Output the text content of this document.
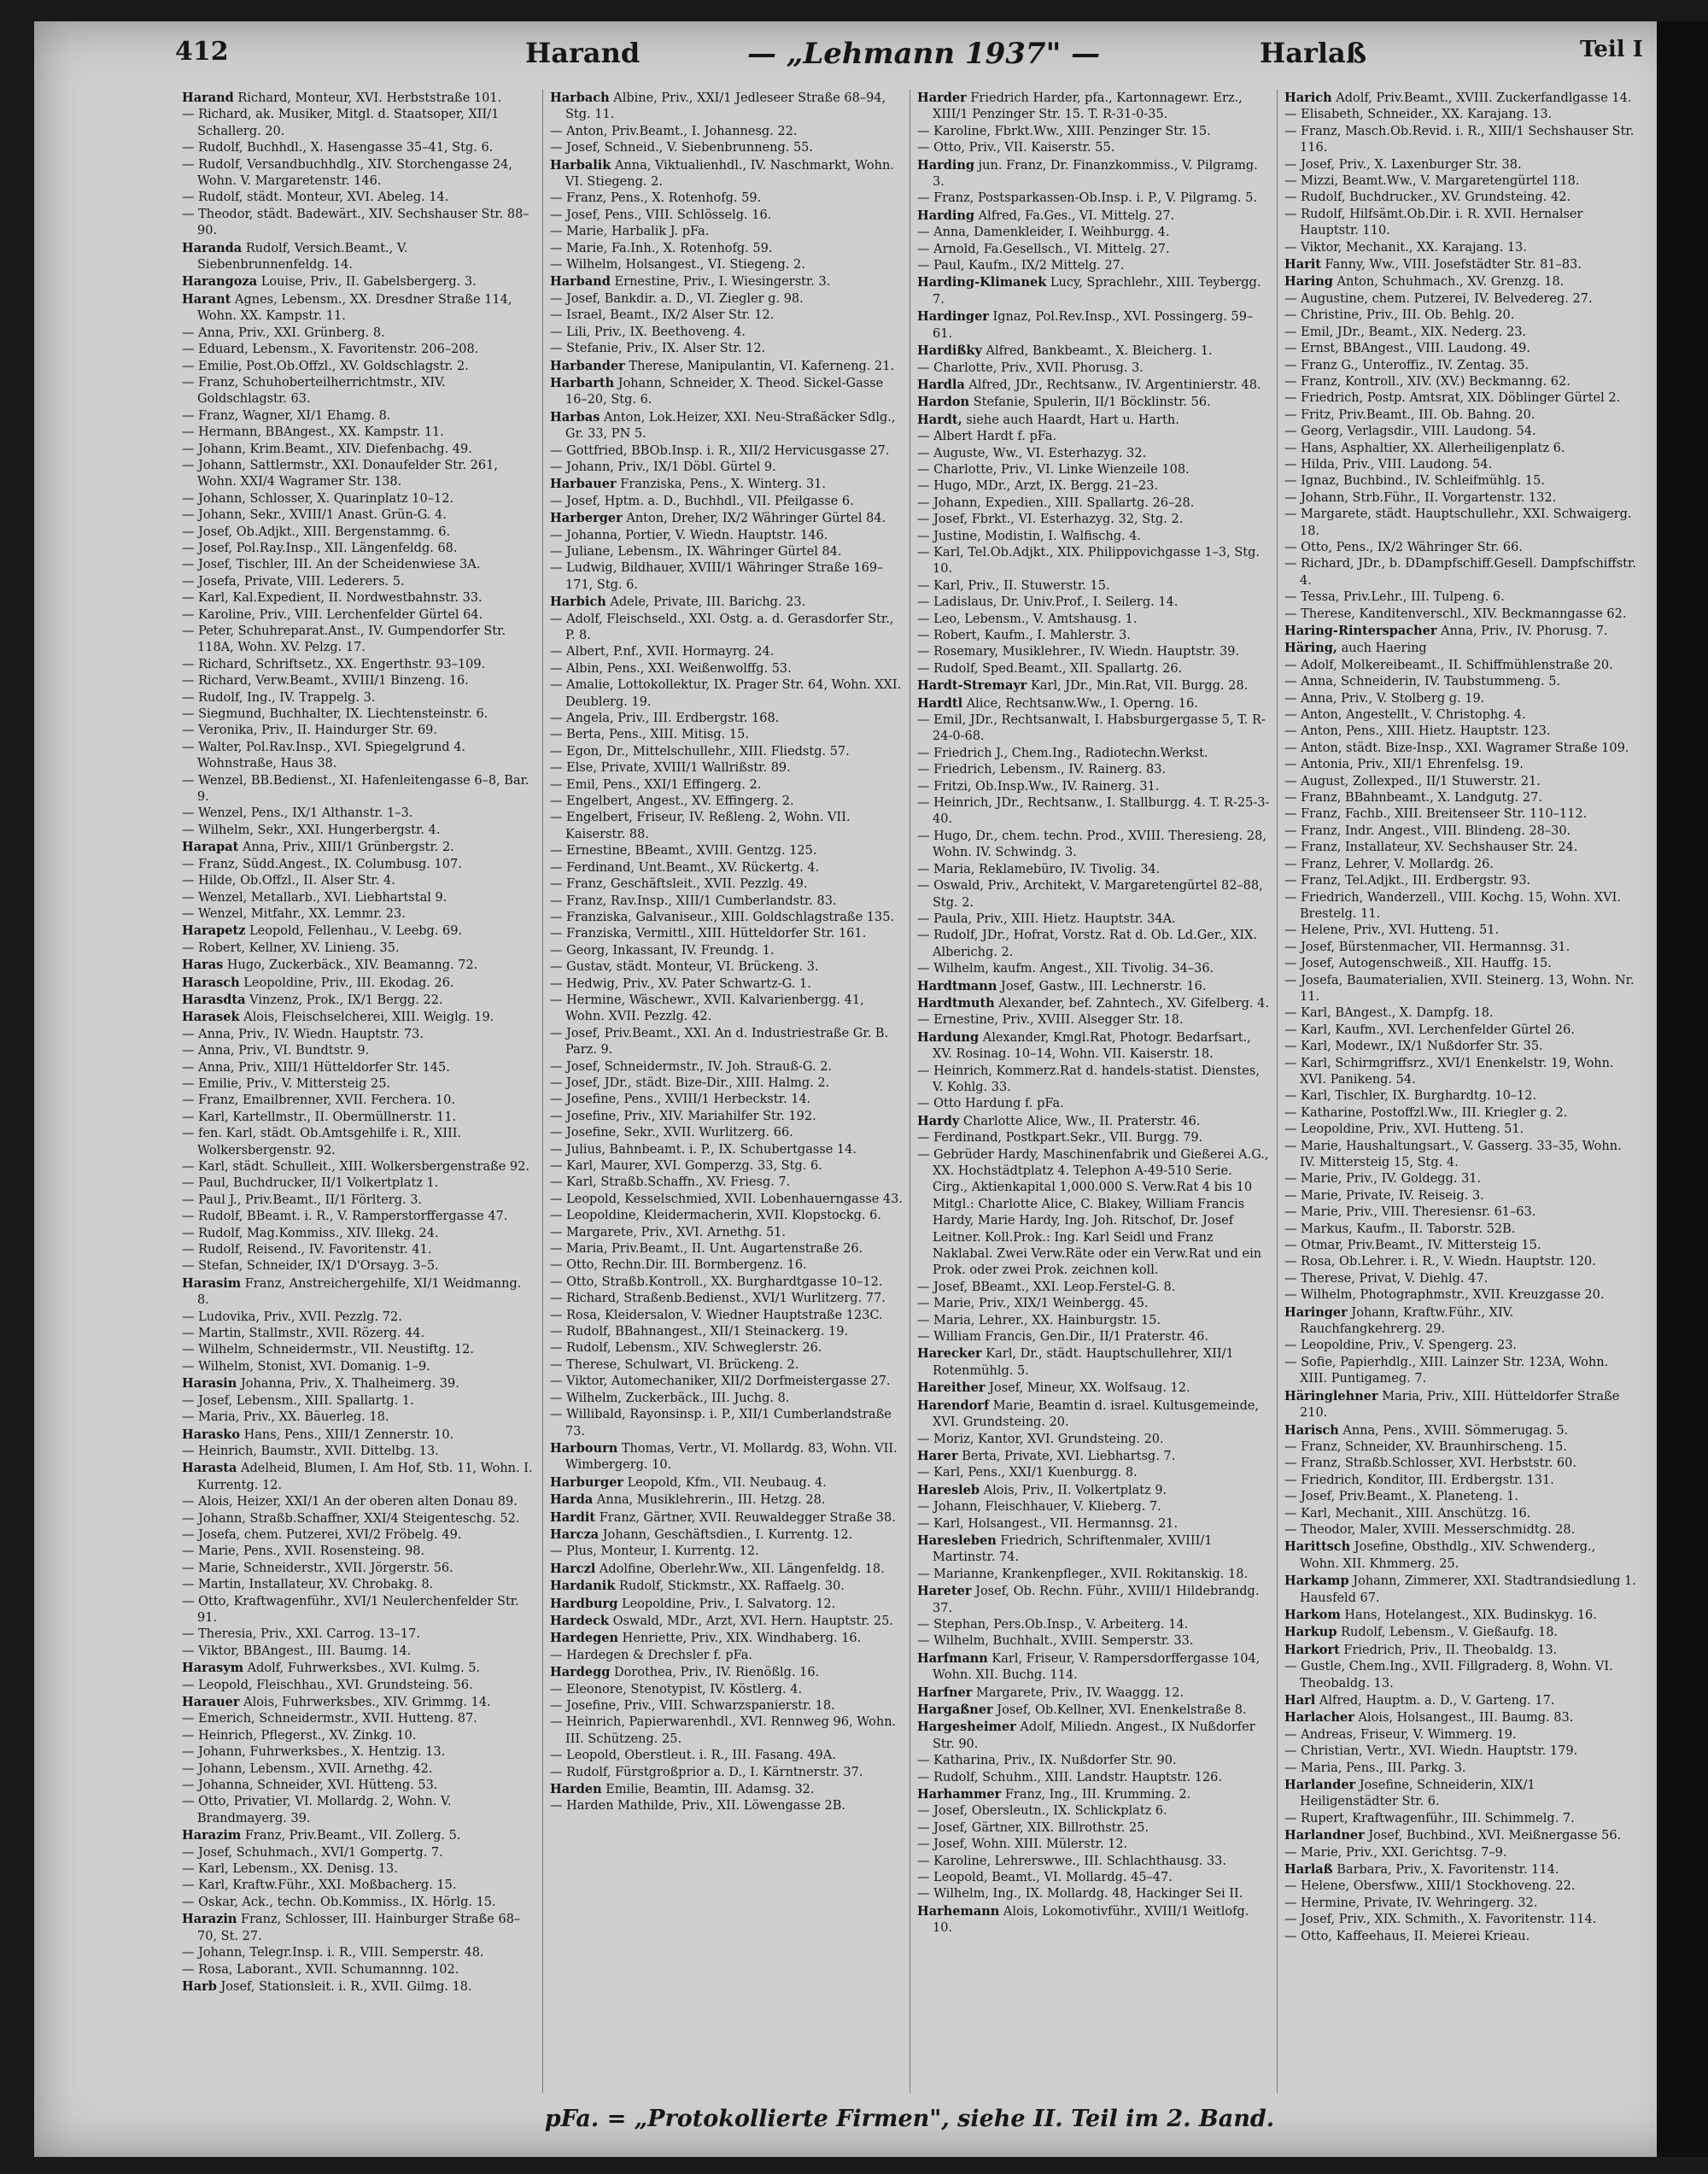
412	Harand	— „Lehmann 1937" —	Harlaß	Teil I

Harand Richard, Monteur, XVI. Herbststraße 101.

— Richard, ak. Musiker, Mitgl. d. Staatsoper, XII/1 Schallerg. 20.

— Rudolf, Buchhdl., X. Hasengasse 35–41, Stg. 6.

— Rudolf, Versandbuchhdlg., XIV. Storchengasse 24, Wohn. V. Margaretenstr. 146.

— Rudolf, städt. Monteur, XVI. Abeleg. 14.

— Theodor, städt. Badewärt., XIV. Sechshauser Str. 88–90.

Haranda Rudolf, Versich.Beamt., V. Siebenbrunnenfeldg. 14.

Harangoza Louise, Priv., II. Gabelsbergerg. 3.

Harant Agnes, Lebensm., XX. Dresdner Straße 114, Wohn. XX. Kampstr. 11.

— Anna, Priv., XXI. Grünberg. 8.

— Eduard, Lebensm., X. Favoritenstr. 206–208.

— Emilie, Post.Ob.Offzl., XV. Goldschlagstr. 2.

— Franz, Schuhoberteilherrichtmstr., XIV. Goldschlagstr. 63.

— Franz, Wagner, XI/1 Ehamg. 8.

— Hermann, BBAngest., XX. Kampstr. 11.

— Johann, Krim.Beamt., XIV. Diefenbachg. 49.

— Johann, Sattlermstr., XXI. Donaufelder Str. 261, Wohn. XXI/4 Wagramer Str. 138.

— Johann, Schlosser, X. Quarinplatz 10–12.

— Johann, Sekr., XVIII/1 Anast. Grün-G. 4.

— Josef, Ob.Adjkt., XIII. Bergenstammg. 6.

— Josef, Pol.Ray.Insp., XII. Längenfeldg. 68.

— Josef, Tischler, III. An der Scheidenwiese 3A.

— Josefa, Private, VIII. Lederers. 5.

— Karl, Kal.Expedient, II. Nordwestbahnstr. 33.

— Karoline, Priv., VIII. Lerchenfelder Gürtel 64.

— Peter, Schuhreparat.Anst., IV. Gumpendorfer Str. 118A, Wohn. XV. Pelzg. 17.

— Richard, Schriftsetz., XX. Engerthstr. 93–109.

— Richard, Verw.Beamt., XVIII/1 Binzeng. 16.

— Rudolf, Ing., IV. Trappelg. 3.

— Siegmund, Buchhalter, IX. Liechtensteinstr. 6.

— Veronika, Priv., II. Haindurger Str. 69.

— Walter, Pol.Rav.Insp., XVI. Spiegelgrund 4. Wohnstraße, Haus 38.

— Wenzel, BB.Bedienst., XI. Hafenleitengasse 6–8, Bar. 9.

— Wenzel, Pens., IX/1 Althanstr. 1–3.

— Wilhelm, Sekr., XXI. Hungerbergstr. 4.

Harapat Anna, Priv., XIII/1 Grünbergstr. 2.

— Franz, Südd.Angest., IX. Columbusg. 107.

— Hilde, Ob.Offzl., II. Alser Str. 4.

— Wenzel, Metallarb., XVI. Liebhartstal 9.

— Wenzel, Mitfahr., XX. Lemmr. 23.

Harapetz Leopold, Fellenhau., V. Leebg. 69.

— Robert, Kellner, XV. Linieng. 35.

Haras Hugo, Zuckerbäck., XIV. Beamanng. 72.

Harasch Leopoldine, Priv., III. Ekodag. 26.

Harasdta Vinzenz, Prok., IX/1 Bergg. 22.

Harasek Alois, Fleischselcherei, XIII. Weiglg. 19.

— Anna, Priv., IV. Wiedn. Hauptstr. 73.

— Anna, Priv., VI. Bundtstr. 9.

— Anna, Priv., XIII/1 Hütteldorfer Str. 145.

— Emilie, Priv., V. Mittersteig 25.

— Franz, Emailbrenner, XVII. Ferchera. 10.

— Karl, Kartellmstr., II. Obermüllnerstr. 11.

— fen. Karl, städt. Ob.Amtsgehilfe i. R., XIII. Wolkersbergenstr. 92.

— Karl, städt. Schulleit., XIII. Wolkersbergenstraße 92.

— Paul, Buchdrucker, II/1 Volkertplatz 1.

— Paul J., Priv.Beamt., II/1 Förlterg. 3.

— Rudolf, BBeamt. i. R., V. Ramperstorffergasse 47.

— Rudolf, Mag.Kommiss., XIV. Illekg. 24.

— Rudolf, Reisend., IV. Favoritenstr. 41.

— Stefan, Schneider, IX/1 D'Orsayg. 3–5.

Harasim Franz, Anstreichergehilfe, XI/1 Weidmanng. 8.

— Ludovika, Priv., XVII. Pezzlg. 72.

— Martin, Stallmstr., XVII. Rözerg. 44.

— Wilhelm, Schneidermstr., VII. Neustiftg. 12.

— Wilhelm, Stonist, XVI. Domanig. 1–9.

Harasin Johanna, Priv., X. Thalheimerg. 39.

— Josef, Lebensm., XIII. Spallartg. 1.

— Maria, Priv., XX. Bäuerleg. 18.

Harasko Hans, Pens., XIII/1 Zennerstr. 10.

— Heinrich, Baumstr., XVII. Dittelbg. 13.

Harasta Adelheid, Blumen, I. Am Hof, Stb. 11, Wohn. I. Kurrentg. 12.

— Alois, Heizer, XXI/1 An der oberen alten Donau 89.

— Johann, Straßb.Schaffner, XXI/4 Steigenteschg. 52.

— Josefa, chem. Putzerei, XVI/2 Fröbelg. 49.

— Marie, Pens., XVII. Rosensteing. 98.

— Marie, Schneiderstr., XVII. Jörgerstr. 56.

— Martin, Installateur, XV. Chrobakg. 8.

— Otto, Kraftwagenführ., XVI/1 Neulerchenfelder Str. 91.

— Theresia, Priv., XXI. Carrog. 13–17.

— Viktor, BBAngest., III. Baumg. 14.

Harasym Adolf, Fuhrwerksbes., XVI. Kulmg. 5.

— Leopold, Fleischhau., XVI. Grundsteing. 56.

Harauer Alois, Fuhrwerksbes., XIV. Grimmg. 14.

— Emerich, Schneidermstr., XVII. Hutteng. 87.

— Heinrich, Pflegerst., XV. Zinkg. 10.

— Johann, Fuhrwerksbes., X. Hentzig. 13.

— Johann, Lebensm., XVII. Arnethg. 42.

— Johanna, Schneider, XVI. Hütteng. 53.

— Otto, Privatier, VI. Mollardg. 2, Wohn. V. Brandmayerg. 39.

Harazim Franz, Priv.Beamt., VII. Zollerg. 5.

— Josef, Schuhmach., XVI/1 Gompertg. 7.

— Karl, Lebensm., XX. Denisg. 13.

— Karl, Kraftw.Führ., XXI. Moßbacherg. 15.

— Oskar, Ack., techn. Ob.Kommiss., IX. Hörlg. 15.

Harazin Franz, Schlosser, III. Hainburger Straße 68–70, St. 27.

— Johann, Telegr.Insp. i. R., VIII. Semperstr. 48.

— Rosa, Laborant., XVII. Schumannng. 102.

Harb Josef, Stationsleit. i. R., XVII. Gilmg. 18.

Harbach Albine, Priv., XXI/1 Jedleseer Straße 68–94, Stg. 11.

— Anton, Priv.Beamt., I. Johannesg. 22.

— Josef, Schneid., V. Siebenbrunneng. 55.

Harbalik Anna, Viktualienhdl., IV. Naschmarkt, Wohn. VI. Stiegeng. 2.

— Franz, Pens., X. Rotenhofg. 59.

— Josef, Pens., VIII. Schlösselg. 16.

— Marie, Harbalik J. pFa.

— Marie, Fa.Inh., X. Rotenhofg. 59.

— Wilhelm, Holsangest., VI. Stiegeng. 2.

Harband Ernestine, Priv., I. Wiesingerstr. 3.

— Josef, Bankdir. a. D., VI. Ziegler g. 98.

— Israel, Beamt., IX/2 Alser Str. 12.

— Lili, Priv., IX. Beethoveng. 4.

— Stefanie, Priv., IX. Alser Str. 12.

Harbander Therese, Manipulantin, VI. Kaferneng. 21.

Harbarth Johann, Schneider, X. Theod. Sickel-Gasse 16–20, Stg. 6.

Harbas Anton, Lok.Heizer, XXI. Neu-Straßäcker Sdlg., Gr. 33, PN 5.

— Gottfried, BBOb.Insp. i. R., XII/2 Hervicusgasse 27.

— Johann, Priv., IX/1 Döbl. Gürtel 9.

Harbauer Franziska, Pens., X. Winterg. 31.

— Josef, Hptm. a. D., Buchhdl., VII. Pfeilgasse 6.

Harberger Anton, Dreher, IX/2 Währinger Gürtel 84.

— Johanna, Portier, V. Wiedn. Hauptstr. 146.

— Juliane, Lebensm., IX. Währinger Gürtel 84.

— Ludwig, Bildhauer, XVIII/1 Währinger Straße 169–171, Stg. 6.

Harbich Adele, Private, III. Barichg. 23.

— Adolf, Fleischseld., XXI. Ostg. a. d. Gerasdorfer Str., P. 8.

— Albert, P.nf., XVII. Hormayrg. 24.

— Albin, Pens., XXI. Weißenwolffg. 53.

— Amalie, Lottokollektur, IX. Prager Str. 64, Wohn. XXI. Deublerg. 19.

— Angela, Priv., III. Erdbergstr. 168.

— Berta, Pens., XIII. Mitisg. 15.

— Egon, Dr., Mittelschullehr., XIII. Fliedstg. 57.

— Else, Private, XVIII/1 Wallrißstr. 89.

— Emil, Pens., XXI/1 Effingerg. 2.

— Engelbert, Angest., XV. Effingerg. 2.

— Engelbert, Friseur, IV. Reßleng. 2, Wohn. VII. Kaiserstr. 88.

— Ernestine, BBeamt., XVIII. Gentzg. 125.

— Ferdinand, Unt.Beamt., XV. Rückertg. 4.

— Franz, Geschäftsleit., XVII. Pezzlg. 49.

— Franz, Rav.Insp., XIII/1 Cumberlandstr. 83.

— Franziska, Galvaniseur., XIII. Goldschlagstraße 135.

— Franziska, Vermittl., XIII. Hütteldorfer Str. 161.

— Georg, Inkassant, IV. Freundg. 1.

— Gustav, städt. Monteur, VI. Brückeng. 3.

— Hedwig, Priv., XV. Pater Schwartz-G. 1.

— Hermine, Wäschewr., XVII. Kalvarienbergg. 41, Wohn. XVII. Pezzlg. 42.

— Josef, Priv.Beamt., XXI. An d. Industriestraße Gr. B. Parz. 9.

— Josef, Schneidermstr., IV. Joh. Strauß-G. 2.

— Josef, JDr., städt. Bize-Dir., XIII. Halmg. 2.

— Josefine, Pens., XVIII/1 Herbeckstr. 14.

— Josefine, Priv., XIV. Mariahilfer Str. 192.

— Josefine, Sekr., XVII. Wurlitzerg. 66.

— Julius, Bahnbeamt. i. P., IX. Schubertgasse 14.

— Karl, Maurer, XVI. Gomperzg. 33, Stg. 6.

— Karl, Straßb.Schaffn., XV. Friesg. 7.

— Leopold, Kesselschmied, XVII. Lobenhauerngasse 43.

— Leopoldine, Kleidermacherin, XVII. Klopstockg. 6.

— Margarete, Priv., XVI. Arnethg. 51.

— Maria, Priv.Beamt., II. Unt. Augartenstraße 26.

— Otto, Rechn.Dir. III. Bormbergenz. 16.

— Otto, Straßb.Kontroll., XX. Burghardtgasse 10–12.

— Richard, Straßenb.Bedienst., XVI/1 Wurlitzerg. 77.

— Rosa, Kleidersalon, V. Wiedner Hauptstraße 123C.

— Rudolf, BBahnangest., XII/1 Steinackerg. 19.

— Rudolf, Lebensm., XIV. Schweglerstr. 26.

— Therese, Schulwart, VI. Brückeng. 2.

— Viktor, Automechaniker, XII/2 Dorfmeistergasse 27.

— Wilhelm, Zuckerbäck., III. Juchg. 8.

— Willibald, Rayonsinsp. i. P., XII/1 Cumberlandstraße 73.

Harbourn Thomas, Vertr., VI. Mollardg. 83, Wohn. VII. Wimbergerg. 10.

Harburger Leopold, Kfm., VII. Neubaug. 4.

Harda Anna, Musiklehrerin., III. Hetzg. 28.

Hardit Franz, Gärtner, XVII. Reuwaldegger Straße 38.

Harcza Johann, Geschäftsdien., I. Kurrentg. 12.

— Plus, Monteur, I. Kurrentg. 12.

Harczl Adolfine, Oberlehr.Ww., XII. Längenfeldg. 18.

Hardanik Rudolf, Stickmstr., XX. Raffaelg. 30.

Hardburg Leopoldine, Priv., I. Salvatorg. 12.

Hardeck Oswald, MDr., Arzt, XVI. Hern. Hauptstr. 25.

Hardegen Henriette, Priv., XIX. Windhaberg. 16.

— Hardegen & Drechsler f. pFa.

Hardegg Dorothea, Priv., IV. Rienößlg. 16.

— Eleonore, Stenotypist, IV. Köstlerg. 4.

— Josefine, Priv., VIII. Schwarzspanierstr. 18.

— Heinrich, Papierwarenhdl., XVI. Rennweg 96, Wohn. III. Schützeng. 25.

— Leopold, Oberstleut. i. R., III. Fasang. 49A.

— Rudolf, Fürstgroßprior a. D., I. Kärntnerstr. 37.

Harden Emilie, Beamtin, III. Adamsg. 32.

— Harden Mathilde, Priv., XII. Löwengasse 2B.

Harder Friedrich Harder, pfa., Kartonnagewr. Erz., XIII/1 Penzinger Str. 15. T. R-31-0-35.

— Karoline, Fbrkt.Ww., XIII. Penzinger Str. 15.

— Otto, Priv., VII. Kaiserstr. 55.

Harding jun. Franz, Dr. Finanzkommiss., V. Pilgramg. 3.

— Franz, Postsparkassen-Ob.Insp. i. P., V. Pilgramg. 5.

Harding Alfred, Fa.Ges., VI. Mittelg. 27.

— Anna, Damenkleider, I. Weihburgg. 4.

— Arnold, Fa.Gesellsch., VI. Mittelg. 27.

— Paul, Kaufm., IX/2 Mittelg. 27.

Harding-Klimanek Lucy, Sprachlehr., XIII. Teybergg. 7.

Hardinger Ignaz, Pol.Rev.Insp., XVI. Possingerg. 59–61.

Hardißky Alfred, Bankbeamt., X. Bleicherg. 1.

— Charlotte, Priv., XVII. Phorusg. 3.

Hardla Alfred, JDr., Rechtsanw., IV. Argentinierstr. 48.

Hardon Stefanie, Spulerin, II/1 Böcklinstr. 56.

Hardt, siehe auch Haardt, Hart u. Harth.

— Albert Hardt f. pFa.

— Auguste, Ww., VI. Esterhazyg. 32.

— Charlotte, Priv., VI. Linke Wienzeile 108.

— Hugo, MDr., Arzt, IX. Bergg. 21–23.

— Johann, Expedien., XIII. Spallartg. 26–28.

— Josef, Fbrkt., VI. Esterhazyg. 32, Stg. 2.

— Justine, Modistin, I. Walfischg. 4.

— Karl, Tel.Ob.Adjkt., XIX. Philippovichgasse 1–3, Stg. 10.

— Karl, Priv., II. Stuwerstr. 15.

— Ladislaus, Dr. Univ.Prof., I. Seilerg. 14.

— Leo, Lebensm., V. Amtshausg. 1.

— Robert, Kaufm., I. Mahlerstr. 3.

— Rosemary, Musiklehrer., IV. Wiedn. Hauptstr. 39.

— Rudolf, Sped.Beamt., XII. Spallartg. 26.

Hardt-Stremayr Karl, JDr., Min.Rat, VII. Burgg. 28.

Hardtl Alice, Rechtsanw.Ww., I. Operng. 16.

— Emil, JDr., Rechtsanwalt, I. Habsburgergasse 5, T. R-24-0-68.

— Friedrich J., Chem.Ing., Radiotechn.Werkst.

— Friedrich, Lebensm., IV. Rainerg. 83.

— Fritzi, Ob.Insp.Ww., IV. Rainerg. 31.

— Heinrich, JDr., Rechtsanw., I. Stallburgg. 4. T. R-25-3-40.

— Hugo, Dr., chem. techn. Prod., XVIII. Theresieng. 28, Wohn. IV. Schwindg. 3.

— Maria, Reklamebüro, IV. Tivolig. 34.

— Oswald, Priv., Architekt, V. Margaretengürtel 82–88, Stg. 2.

— Paula, Priv., XIII. Hietz. Hauptstr. 34A.

— Rudolf, JDr., Hofrat, Vorstz. Rat d. Ob. Ld.Ger., XIX. Alberichg. 2.

— Wilhelm, kaufm. Angest., XII. Tivolig. 34–36.

Hardtmann Josef, Gastw., III. Lechnerstr. 16.

Hardtmuth Alexander, bef. Zahntech., XV. Gifelberg. 4.

— Ernestine, Priv., XVIII. Alsegger Str. 18.

Hardung Alexander, Kmgl.Rat, Photogr. Bedarfsart., XV. Rosinag. 10–14, Wohn. VII. Kaiserstr. 18.

— Heinrich, Kommerz.Rat d. handels-statist. Dienstes, V. Kohlg. 33.

— Otto Hardung f. pFa.

Hardy Charlotte Alice, Ww., II. Praterstr. 46.

— Ferdinand, Postkpart.Sekr., VII. Burgg. 79.

— Gebrüder Hardy, Maschinenfabrik und Gießerei A.G., XX. Hochstädtplatz 4. Telephon A-49-510 Serie. Cirg., Aktienkapital 1,000.000 S. Verw.Rat 4 bis 10 Mitgl.: Charlotte Alice, C. Blakey, William Francis Hardy, Marie Hardy, Ing. Joh. Ritschof, Dr. Josef Leitner. Koll.Prok.: Ing. Karl Seidl und Franz Naklabal. Zwei Verw.Räte oder ein Verw.Rat und ein Prok. oder zwei Prok. zeichnen koll.

— Josef, BBeamt., XXI. Leop.Ferstel-G. 8.

— Marie, Priv., XIX/1 Weinbergg. 45.

— Maria, Lehrer., XX. Hainburgstr. 15.

— William Francis, Gen.Dir., II/1 Praterstr. 46.

Harecker Karl, Dr., städt. Hauptschullehrer, XII/1 Rotenmühlg. 5.

Hareither Josef, Mineur, XX. Wolfsaug. 12.

Harendorf Marie, Beamtin d. israel. Kultusgemeinde, XVI. Grundsteing. 20.

— Moriz, Kantor, XVI. Grundsteing. 20.

Harer Berta, Private, XVI. Liebhartsg. 7.

— Karl, Pens., XXI/1 Kuenburgg. 8.

Haresleb Alois, Priv., II. Volkertplatz 9.

— Johann, Fleischhauer, V. Klieberg. 7.

— Karl, Holsangest., VII. Hermannsg. 21.

Haresleben Friedrich, Schriftenmaler, XVIII/1 Martinstr. 74.

— Marianne, Krankenpfleger., XVII. Rokitanskig. 18.

Hareter Josef, Ob. Rechn. Führ., XVIII/1 Hildebrandg. 37.

— Stephan, Pers.Ob.Insp., V. Arbeiterg. 14.

— Wilhelm, Buchhalt., XVIII. Semperstr. 33.

Harfmann Karl, Friseur, V. Rampersdorffergasse 104, Wohn. XII. Buchg. 114.

Harfner Margarete, Priv., IV. Waaggg. 12.

Hargaßner Josef, Ob.Kellner, XVI. Enenkelstraße 8.

Hargesheimer Adolf, Miliedn. Angest., IX Nußdorfer Str. 90.

— Katharina, Priv., IX. Nußdorfer Str. 90.

— Rudolf, Schuhm., XIII. Landstr. Hauptstr. 126.

Harhammer Franz, Ing., III. Krumming. 2.

— Josef, Obersleutn., IX. Schlickplatz 6.

— Josef, Gärtner, XIX. Billrothstr. 25.

— Josef, Wohn. XIII. Mülerstr. 12.

— Karoline, Lehrerswwe., III. Schlachthausg. 33.

— Leopold, Beamt., VI. Mollardg. 45–47.

— Wilhelm, Ing., IX. Mollardg. 48, Hackinger Sei II.

Harhemann Alois, Lokomotivführ., XVIII/1 Weitlofg. 10.

Harich Adolf, Priv.Beamt., XVIII. Zuckerfandlgasse 14.

— Elisabeth, Schneider., XX. Karajang. 13.

— Franz, Masch.Ob.Revid. i. R., XIII/1 Sechshauser Str. 116.

— Josef, Priv., X. Laxenburger Str. 38.

— Mizzi, Beamt.Ww., V. Margaretengürtel 118.

— Rudolf, Buchdrucker., XV. Grundsteing. 42.

— Rudolf, Hilfsämt.Ob.Dir. i. R. XVII. Hernalser Hauptstr. 110.

— Viktor, Mechanit., XX. Karajang. 13.

Harit Fanny, Ww., VIII. Josefstädter Str. 81–83.

Haring Anton, Schuhmach., XV. Grenzg. 18.

— Augustine, chem. Putzerei, IV. Belvedereg. 27.

— Christine, Priv., III. Ob. Behlg. 20.

— Emil, JDr., Beamt., XIX. Nederg. 23.

— Ernst, BBAngest., VIII. Laudong. 49.

— Franz G., Unteroffiz., IV. Zentag. 35.

— Franz, Kontroll., XIV. (XV.) Beckmanng. 62.

— Friedrich, Postp. Amtsrat, XIX. Döblinger Gürtel 2.

— Fritz, Priv.Beamt., III. Ob. Bahng. 20.

— Georg, Verlagsdir., VIII. Laudong. 54.

— Hans, Asphaltier, XX. Allerheiligenplatz 6.

— Hilda, Priv., VIII. Laudong. 54.

— Ignaz, Buchbind., IV. Schleifmühlg. 15.

— Johann, Strb.Führ., II. Vorgartenstr. 132.

— Margarete, städt. Hauptschullehr., XXI. Schwaigerg. 18.

— Otto, Pens., IX/2 Währinger Str. 66.

— Richard, JDr., b. DDampfschiff.Gesell. Dampfschiffstr. 4.

— Tessa, Priv.Lehr., III. Tulpeng. 6.

— Therese, Kanditenverschl., XIV. Beckmanngasse 62.

Haring-Rinterspacher Anna, Priv., IV. Phorusg. 7.

Häring, auch Haering

— Adolf, Molkereibeamt., II. Schiffmühlenstraße 20.

— Anna, Schneiderin, IV. Taubstummeng. 5.

— Anna, Priv., V. Stolberg g. 19.

— Anton, Angestellt., V. Christophg. 4.

— Anton, Pens., XIII. Hietz. Hauptstr. 123.

— Anton, städt. Bize-Insp., XXI. Wagramer Straße 109.

— Antonia, Priv., XII/1 Ehrenfelsg. 19.

— August, Zollexped., II/1 Stuwerstr. 21.

— Franz, BBahnbeamt., X. Landgutg. 27.

— Franz, Fachb., XIII. Breitenseer Str. 110–112.

— Franz, Indr. Angest., VIII. Blindeng. 28–30.

— Franz, Installateur, XV. Sechshauser Str. 24.

— Franz, Lehrer, V. Mollardg. 26.

— Franz, Tel.Adjkt., III. Erdbergstr. 93.

— Friedrich, Wanderzell., VIII. Kochg. 15, Wohn. XVI. Brestelg. 11.

— Helene, Priv., XVI. Hutteng. 51.

— Josef, Bürstenmacher, VII. Hermannsg. 31.

— Josef, Autogenschweiß., XII. Hauffg. 15.

— Josefa, Baumaterialien, XVII. Steinerg. 13, Wohn. Nr. 11.

— Karl, BAngest., X. Dampfg. 18.

— Karl, Kaufm., XVI. Lerchenfelder Gürtel 26.

— Karl, Modewr., IX/1 Nußdorfer Str. 35.

— Karl, Schirmgriffsrz., XVI/1 Enenkelstr. 19, Wohn. XVI. Panikeng. 54.

— Karl, Tischler, IX. Burghardtg. 10–12.

— Katharine, Postoffzl.Ww., III. Kriegler g. 2.

— Leopoldine, Priv., XVI. Hutteng. 51.

— Marie, Haushaltungsart., V. Gasserg. 33–35, Wohn. IV. Mittersteig 15, Stg. 4.

— Marie, Priv., IV. Goldegg. 31.

— Marie, Private, IV. Reiseig. 3.

— Marie, Priv., VIII. Theresiensr. 61–63.

— Markus, Kaufm., II. Taborstr. 52B.

— Otmar, Priv.Beamt., IV. Mittersteig 15.

— Rosa, Ob.Lehrer. i. R., V. Wiedn. Hauptstr. 120.

— Therese, Privat, V. Diehlg. 47.

— Wilhelm, Photographmstr., XVII. Kreuzgasse 20.

Haringer Johann, Kraftw.Führ., XIV. Rauchfangkehrerg. 29.

— Leopoldine, Priv., V. Spengerg. 23.

— Sofie, Papierhdlg., XIII. Lainzer Str. 123A, Wohn. XIII. Puntigameg. 7.

Häringlehner Maria, Priv., XIII. Hütteldorfer Straße 210.

Harisch Anna, Pens., XVIII. Sömmerugag. 5.

— Franz, Schneider, XV. Braunhirscheng. 15.

— Franz, Straßb.Schlosser, XVI. Herbststr. 60.

— Friedrich, Konditor, III. Erdbergstr. 131.

— Josef, Priv.Beamt., X. Planeteng. 1.

— Karl, Mechanit., XIII. Anschützg. 16.

— Theodor, Maler, XVIII. Messerschmidtg. 28.

Harittsch Josefine, Obsthdlg., XIV. Schwenderg., Wohn. XII. Khmmerg. 25.

Harkamp Johann, Zimmerer, XXI. Stadtrandsiedlung 1. Hausfeld 67.

Harkom Hans, Hotelangest., XIX. Budinskyg. 16.

Harkup Rudolf, Lebensm., V. Gießaufg. 18.

Harkort Friedrich, Priv., II. Theobaldg. 13.

— Gustle, Chem.Ing., XVII. Fillgraderg. 8, Wohn. VI. Theobaldg. 13.

Harl Alfred, Hauptm. a. D., V. Garteng. 17.

Harlacher Alois, Holsangest., III. Baumg. 83.

— Andreas, Friseur, V. Wimmerg. 19.

— Christian, Vertr., XVI. Wiedn. Hauptstr. 179.

— Maria, Pens., III. Parkg. 3.

Harlander Josefine, Schneiderin, XIX/1 Heiligenstädter Str. 6.

— Rupert, Kraftwagenführ., III. Schimmelg. 7.

Harlandner Josef, Buchbind., XVI. Meißnergasse 56.

— Marie, Priv., XXI. Gerichtsg. 7–9.

Harlaß Barbara, Priv., X. Favoritenstr. 114.

— Helene, Obersfww., XIII/1 Stockhoveng. 22.

— Hermine, Private, IV. Wehringerg. 32.

— Josef, Priv., XIX. Schmith., X. Favoritenstr. 114.

— Otto, Kaffeehaus, II. Meierei Krieau.

pFa. = „Protokollierte Firmen", siehe II. Teil im 2. Band.
